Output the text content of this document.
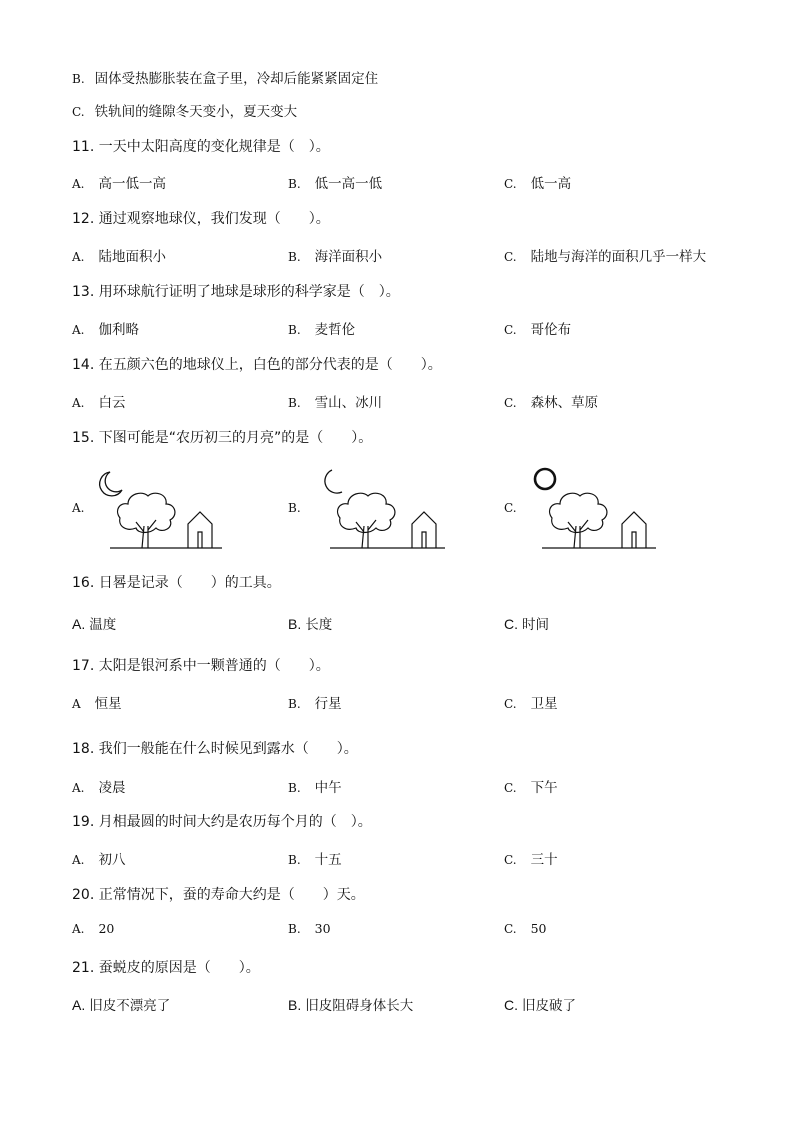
B. 固体受热膨胀装在盒子里，冷却后能紧紧固定住
C. 铁轨间的缝隙冬天变小，夏天变大
11. 一天中太阳高度的变化规律是（　）。
A. 高一低一高	B. 低一高一低	C. 低一高
12. 通过观察地球仪，我们发现（　　）。
A. 陆地面积小	B. 海洋面积小	C. 陆地与海洋的面积几乎一样大
13. 用环球航行证明了地球是球形的科学家是（　）。
A. 伽利略	B. 麦哲伦	C. 哥伦布
14. 在五颜六色的地球仪上，白色的部分代表的是（　　）。
A. 白云	B. 雪山、冰川	C. 森林、草原
15. 下图可能是“农历初三的月亮”的是（　　）。
A.	B.	C.
16. 日晷是记录（　　）的工具。
A. 温度	B. 长度	C. 时间
17. 太阳是银河系中一颗普通的（　　）。
A 恒星	B. 行星	C. 卫星
18. 我们一般能在什么时候见到露水（　　）。
A. 凌晨	B. 中午	C. 下午
19. 月相最圆的时间大约是农历每个月的（　）。
A. 初八	B. 十五	C. 三十
20. 正常情况下，蚕的寿命大约是（　　）天。
A. 20	B. 30	C. 50
21. 蚕蜕皮的原因是（　　）。
A. 旧皮不漂亮了	B. 旧皮阻碍身体长大	C. 旧皮破了
